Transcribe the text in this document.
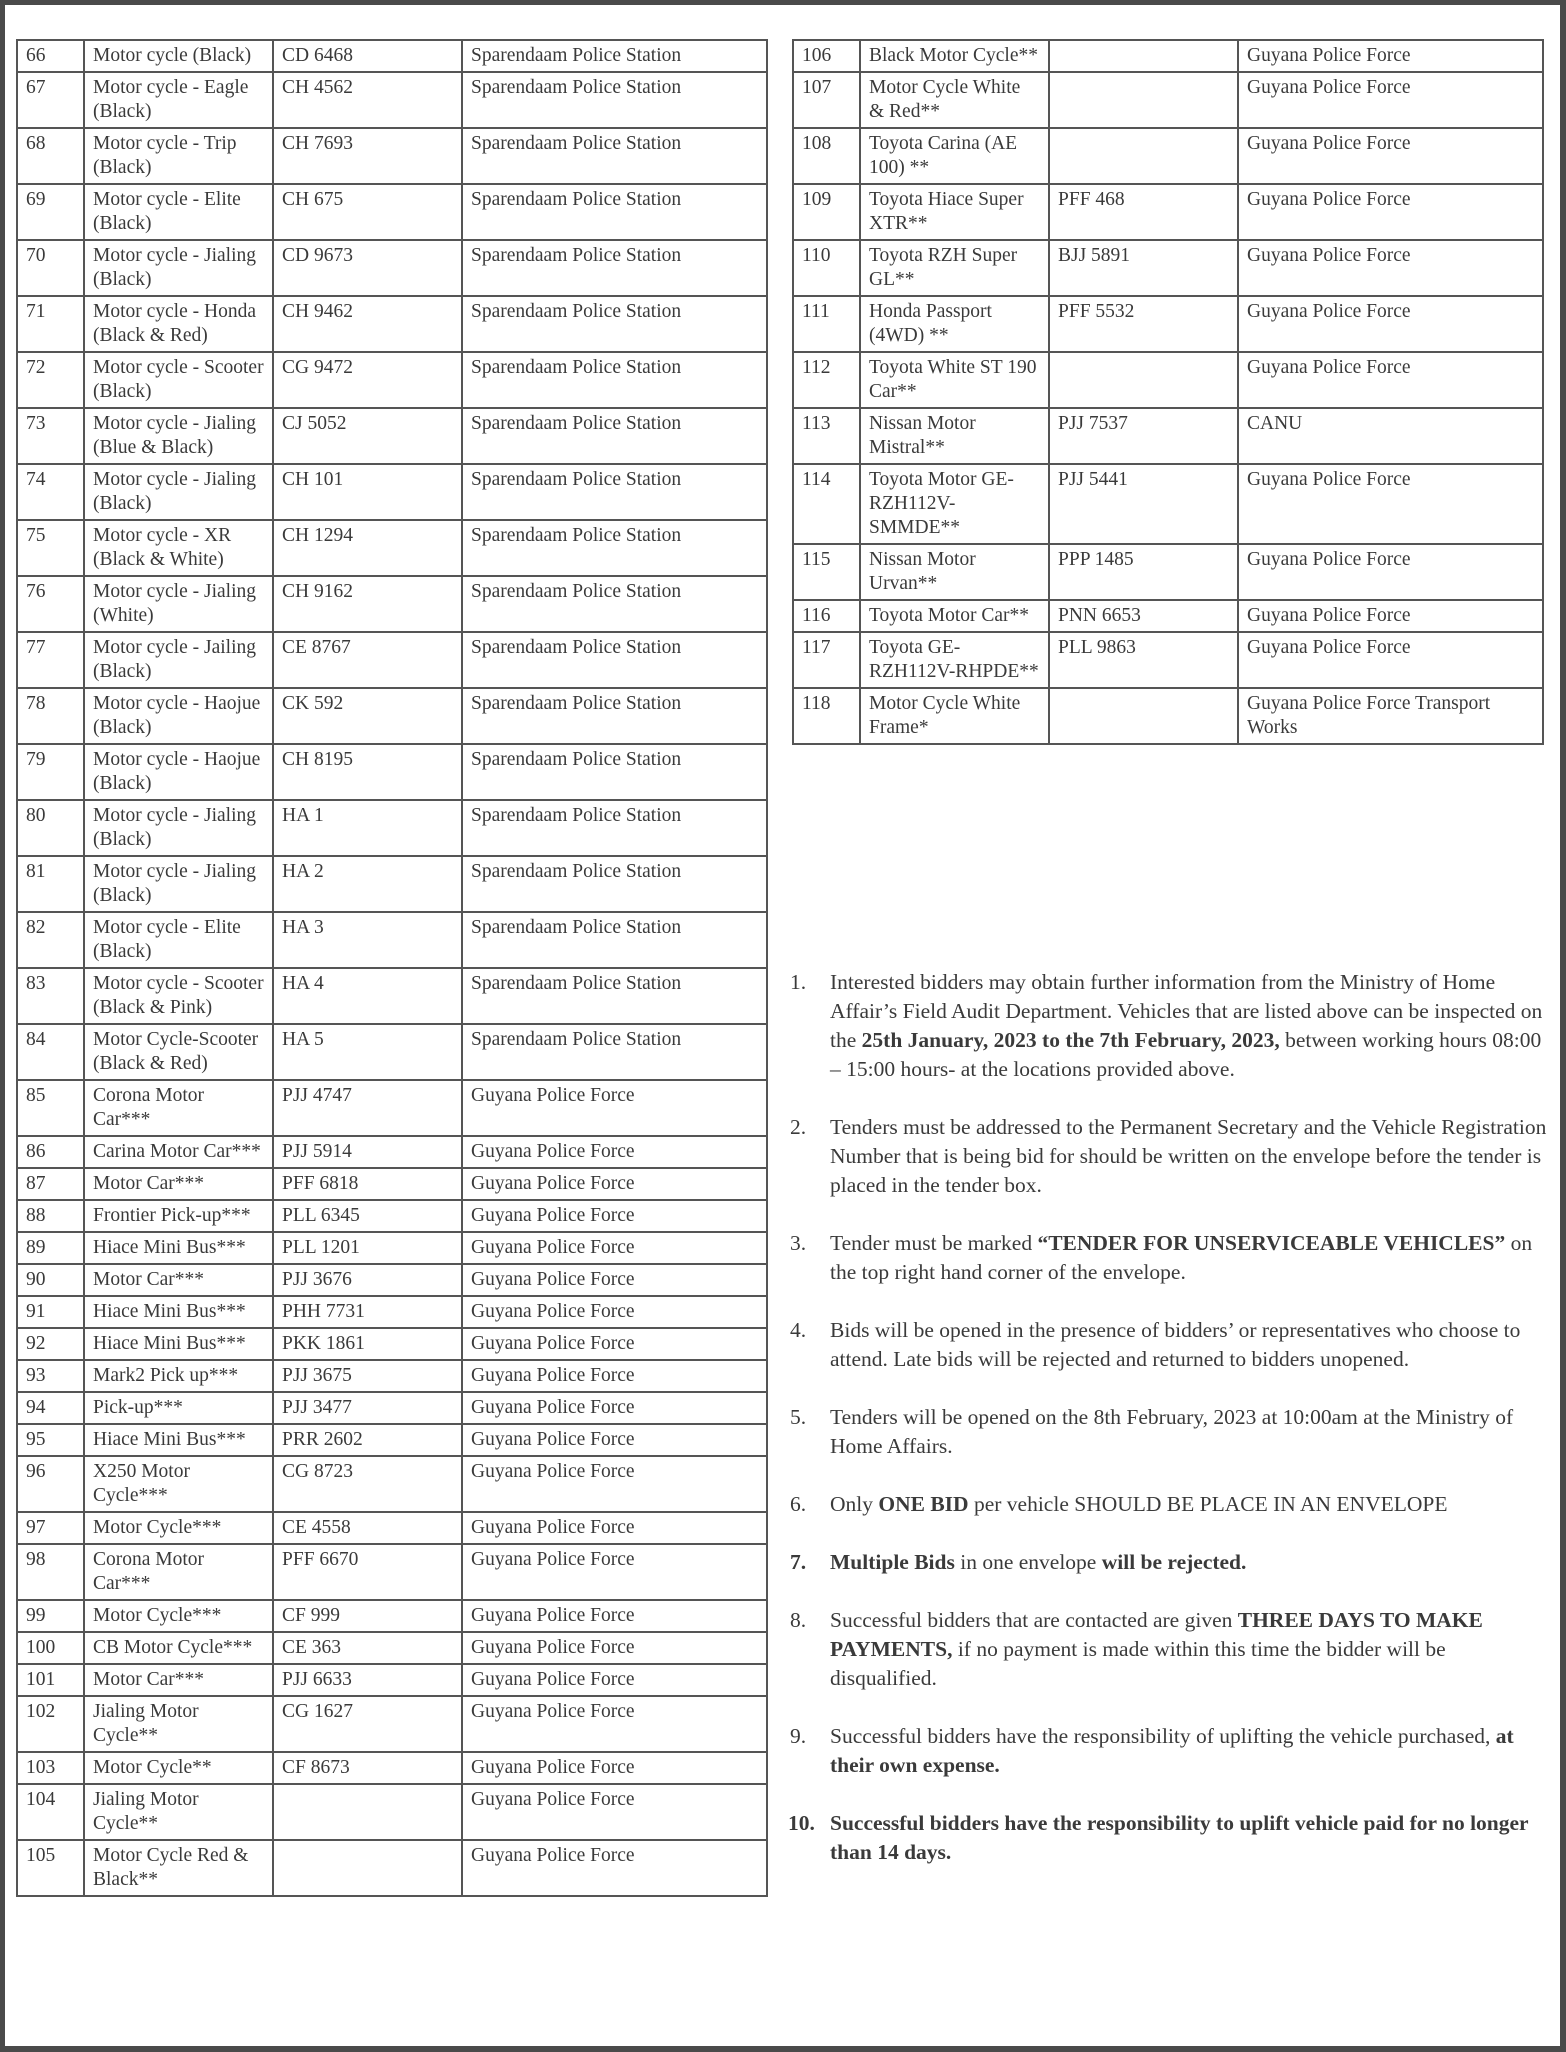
66	Motor cycle (Black)	CD 6468	Sparendaam Police Station
67	Motor cycle - Eagle (Black)	CH 4562	Sparendaam Police Station
68	Motor cycle - Trip (Black)	CH 7693	Sparendaam Police Station
69	Motor cycle - Elite (Black)	CH 675	Sparendaam Police Station
70	Motor cycle - Jialing (Black)	CD 9673	Sparendaam Police Station
71	Motor cycle - Honda (Black & Red)	CH 9462	Sparendaam Police Station
72	Motor cycle - Scooter (Black)	CG 9472	Sparendaam Police Station
73	Motor cycle - Jialing (Blue & Black)	CJ 5052	Sparendaam Police Station
74	Motor cycle - Jialing (Black)	CH 101	Sparendaam Police Station
75	Motor cycle - XR (Black & White)	CH 1294	Sparendaam Police Station
76	Motor cycle - Jialing (White)	CH 9162	Sparendaam Police Station
77	Motor cycle - Jailing (Black)	CE 8767	Sparendaam Police Station
78	Motor cycle - Haojue (Black)	CK 592	Sparendaam Police Station
79	Motor cycle - Haojue (Black)	CH 8195	Sparendaam Police Station
80	Motor cycle - Jialing (Black)	HA 1	Sparendaam Police Station
81	Motor cycle - Jialing (Black)	HA 2	Sparendaam Police Station
82	Motor cycle - Elite (Black)	HA 3	Sparendaam Police Station
83	Motor cycle - Scooter (Black & Pink)	HA 4	Sparendaam Police Station
84	Motor Cycle-Scooter (Black & Red)	HA 5	Sparendaam Police Station
85	Corona Motor Car***	PJJ 4747	Guyana Police Force
86	Carina Motor Car***	PJJ 5914	Guyana Police Force
87	Motor Car***	PFF 6818	Guyana Police Force
88	Frontier Pick-up***	PLL 6345	Guyana Police Force
89	Hiace Mini Bus***	PLL 1201	Guyana Police Force
90	Motor Car***	PJJ 3676	Guyana Police Force
91	Hiace Mini Bus***	PHH 7731	Guyana Police Force
92	Hiace Mini Bus***	PKK 1861	Guyana Police Force
93	Mark2 Pick up***	PJJ 3675	Guyana Police Force
94	Pick-up***	PJJ 3477	Guyana Police Force
95	Hiace Mini Bus***	PRR 2602	Guyana Police Force
96	X250 Motor Cycle***	CG 8723	Guyana Police Force
97	Motor Cycle***	CE 4558	Guyana Police Force
98	Corona Motor Car***	PFF 6670	Guyana Police Force
99	Motor Cycle***	CF 999	Guyana Police Force
100	CB Motor Cycle***	CE 363	Guyana Police Force
101	Motor Car***	PJJ 6633	Guyana Police Force
102	Jialing Motor Cycle**	CG 1627	Guyana Police Force
103	Motor Cycle**	CF 8673	Guyana Police Force
104	Jialing Motor Cycle**		Guyana Police Force
105	Motor Cycle Red & Black**		Guyana Police Force
106	Black Motor Cycle**		Guyana Police Force
107	Motor Cycle White & Red**		Guyana Police Force
108	Toyota Carina (AE 100) **		Guyana Police Force
109	Toyota Hiace Super XTR**	PFF 468	Guyana Police Force
110	Toyota RZH Super GL**	BJJ 5891	Guyana Police Force
111	Honda Passport (4WD) **	PFF 5532	Guyana Police Force
112	Toyota White ST 190 Car**		Guyana Police Force
113	Nissan Motor Mistral**	PJJ 7537	CANU
114	Toyota Motor GE-RZH112V-SMMDE**	PJJ 5441	Guyana Police Force
115	Nissan Motor Urvan**	PPP 1485	Guyana Police Force
116	Toyota Motor Car**	PNN 6653	Guyana Police Force
117	Toyota GE-RZH112V-RHPDE**	PLL 9863	Guyana Police Force
118	Motor Cycle White Frame*		Guyana Police Force Transport Works
1.	Interested bidders may obtain further information from the Ministry of Home Affair’s Field Audit Department. Vehicles that are listed above can be inspected on the 25th January, 2023 to the 7th February, 2023, between working hours 08:00 – 15:00 hours- at the locations provided above.
2.	Tenders must be addressed to the Permanent Secretary and the Vehicle Registration Number that is being bid for should be written on the envelope before the tender is placed in the tender box.
3.	Tender must be marked “TENDER FOR UNSERVICEABLE VEHICLES” on the top right hand corner of the envelope.
4.	Bids will be opened in the presence of bidders’ or representatives who choose to attend. Late bids will be rejected and returned to bidders unopened.
5.	Tenders will be opened on the 8th February, 2023 at 10:00am at the Ministry of Home Affairs.
6.	Only ONE BID per vehicle SHOULD BE PLACE IN AN ENVELOPE
7.	Multiple Bids in one envelope will be rejected.
8.	Successful bidders that are contacted are given THREE DAYS TO MAKE PAYMENTS, if no payment is made within this time the bidder will be disqualified.
9.	Successful bidders have the responsibility of uplifting the vehicle purchased, at their own expense.
10. Successful bidders have the responsibility to uplift vehicle paid for no longer than 14 days.
